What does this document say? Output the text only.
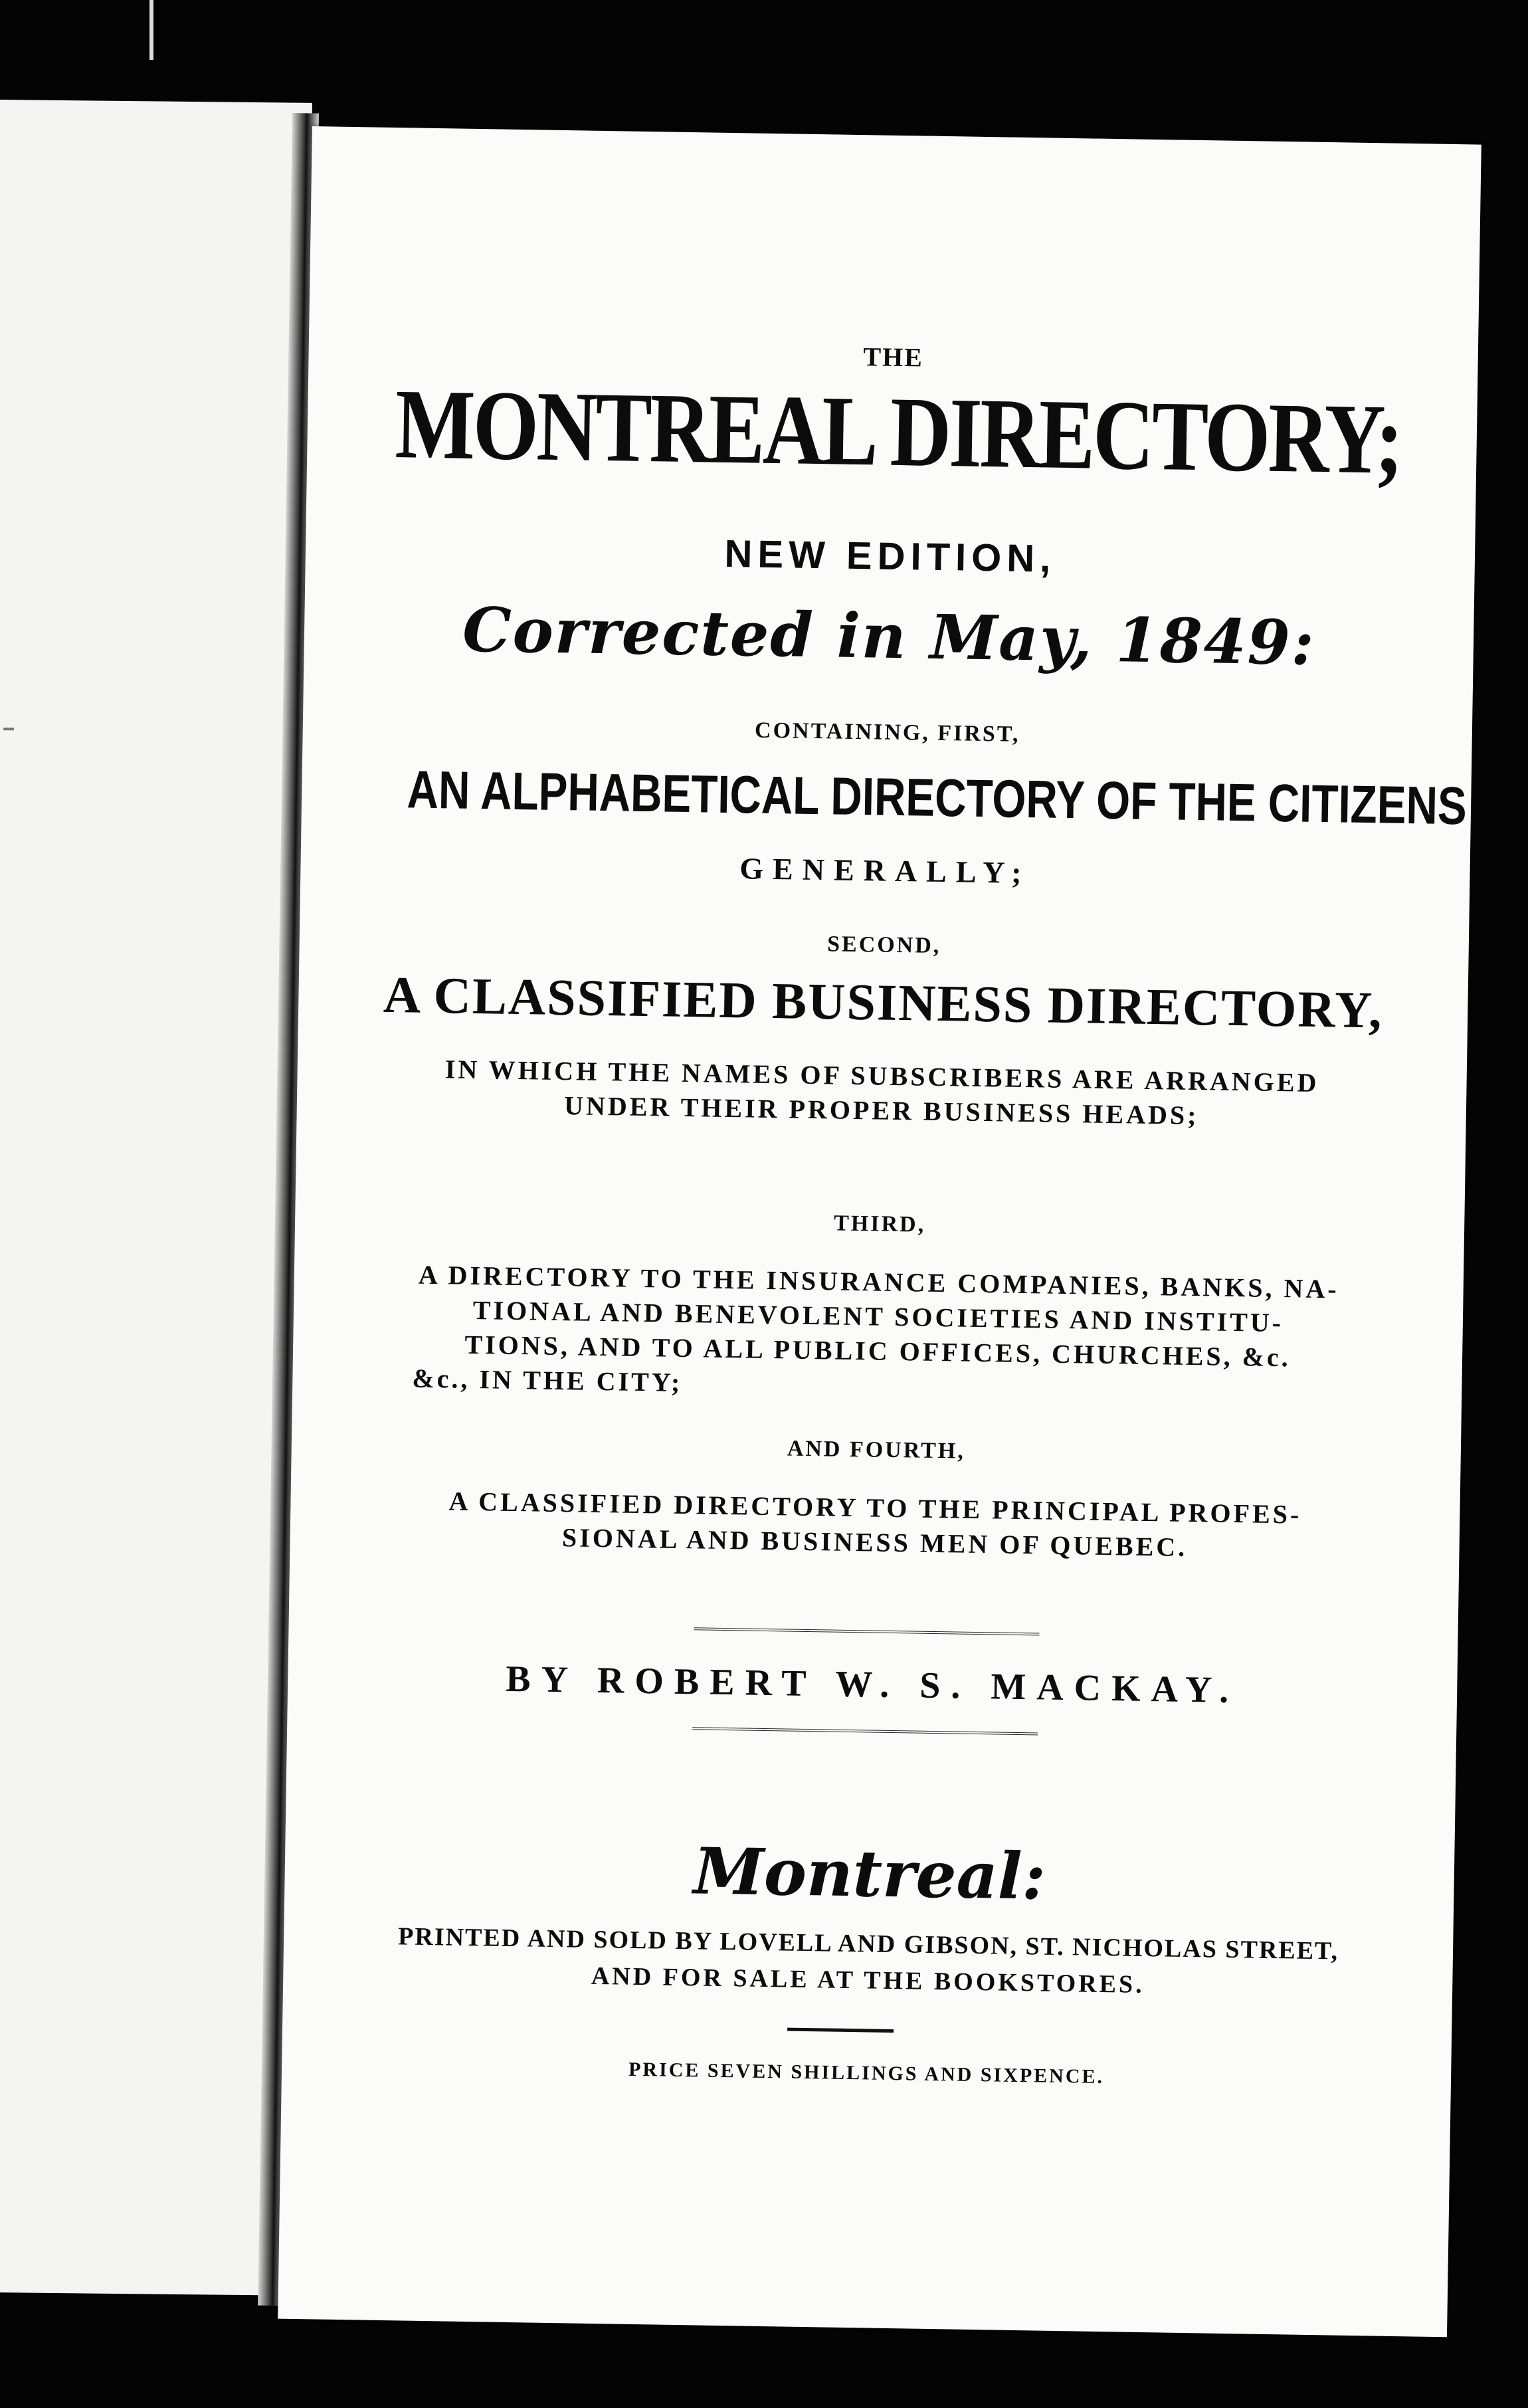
THE
MONTREAL DIRECTORY;
NEW EDITION,
Corrected in May, 1849:
CONTAINING, FIRST,
AN ALPHABETICAL DIRECTORY OF THE CITIZENS
GENERALLY;
SECOND,
A CLASSIFIED BUSINESS DIRECTORY,
IN WHICH THE NAMES OF SUBSCRIBERS ARE ARRANGED
UNDER THEIR PROPER BUSINESS HEADS;
THIRD,
A DIRECTORY TO THE INSURANCE COMPANIES, BANKS, NA-
TIONAL AND BENEVOLENT SOCIETIES AND INSTITU-
TIONS, AND TO ALL PUBLIC OFFICES, CHURCHES, &c.
&c., IN THE CITY;
AND FOURTH,
A CLASSIFIED DIRECTORY TO THE PRINCIPAL PROFES-
SIONAL AND BUSINESS MEN OF QUEBEC.
BY ROBERT W. S. MACKAY.
Montreal:
PRINTED AND SOLD BY LOVELL AND GIBSON, ST. NICHOLAS STREET,
AND FOR SALE AT THE BOOKSTORES.
PRICE SEVEN SHILLINGS AND SIXPENCE.
